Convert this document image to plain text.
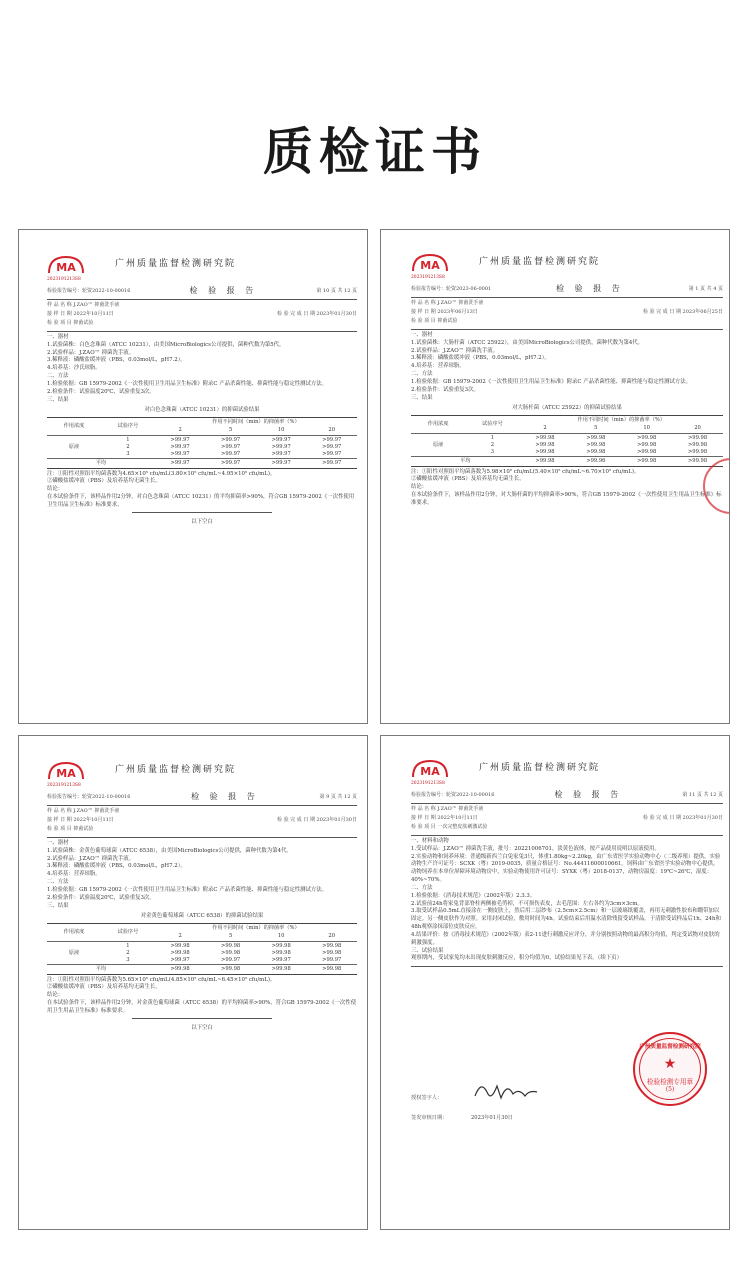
质检证书
MA	广州质量监督检测研究院
2023191213S8
检验报告编号：轮资2022-10-00016	检 验 报 告	第 10 页 共 12 页
样 品 名 称 J.ZAO™ 抑菌洗手液
接 样 日 期 2022年10月11日	检 验 完 成 日 期 2023年01月30日
检 验 项 目 抑菌试验

一、器材

1.试验菌株：白色念珠菌（ATCC 10231），由美国MicroBiologics公司提供，菌种代数为第5代。

2.试验样品：J.ZAO™ 抑菌洗手液。

3.稀释液：磷酸盐缓冲液（PBS，0.03mol/L，pH7.2）。

4.培养基：沙氏琼脂。

二、方法

1.检验依据：GB 15979-2002《一次性使用卫生用品卫生标准》附录C 产品杀菌性能、抑菌性能与稳定性测试方法。

2.检验条件：试验温度20℃，试验重复3次。

三、结果

对白色念珠菌（ATCC 10231）的抑菌试验结果
作用浓度	试验序号	作用不同时间（min）的抑菌率（%）			
		2	5	10	20
原液	1	>99.97	>99.97	>99.97	>99.97
	2	>99.97	>99.97	>99.97	>99.97
	3	>99.97	>99.97	>99.97	>99.97
平均		>99.97	>99.97	>99.97	>99.97

注：①阳性对照组平均菌落数为4.65×10⁵ cfu/mL(3.80×10⁵ cfu/mL~4.95×10⁵ cfu/mL)。

②磷酸盐缓冲液（PBS）及培养基均无菌生长。

结论：

在本试验条件下，该样品作用2分钟，对白色念珠菌（ATCC 10231）的平均抑菌率>90%，符合GB 15979-2002《一次性使用卫生用品卫生标准》标准要求。

以下空白
MA	广州质量监督检测研究院
2023191213S8
检验报告编号：轮资2023-06-0001	检 验 报 告	第 1 页 共 4 页
样 品 名 称 J.ZAO™ 抑菌洗手液
接 样 日 期 2023年06月13日	检 验 完 成 日 期 2023年06月25日
检 验 项 目 抑菌试验

一、器材

1.试验菌株：大肠杆菌（ATCC 25922），由美国MicroBiologics公司提供，菌种代数为第4代。

2.试验样品：J.ZAO™ 抑菌洗手液。

3.稀释液：磷酸盐缓冲液（PBS，0.03mol/L，pH7.2）。

4.培养基：营养琼脂。

二、方法

1.检验依据：GB 15979-2002《一次性使用卫生用品卫生标准》附录C 产品杀菌性能、抑菌性能与稳定性测试方法。

2.检验条件：试验重复3次。

三、结果

对大肠杆菌（ATCC 25922）的抑菌试验结果
作用浓度	试验序号	作用不同时间（min）的抑菌率（%）			
		2	5	10	20
原液	1	>99.98	>99.98	>99.98	>99.98
	2	>99.98	>99.98	>99.98	>99.98
	3	>99.98	>99.98	>99.98	>99.98
平均		>99.98	>99.96	>99.98	>99.98

注：①阳性对照组平均菌落数为5.98×10⁵ cfu/mL(5.40×10⁵ cfu/mL~6.70×10⁵ cfu/mL)。

②磷酸盐缓冲液（PBS）及培养基均无菌生长。

结论：

在本试验条件下，该样品作用2分钟，对大肠杆菌的平均抑菌率>90%，符合GB 15979-2002《一次性使用卫生用品卫生标准》标准要求。

MA	广州质量监督检测研究院
2023191213S8
检验报告编号：轮资2022-10-00016	检 验 报 告	第 9 页 共 12 页
样 品 名 称 J.ZAO™ 抑菌洗手液
接 样 日 期 2022年10月11日	检 验 完 成 日 期 2023年01月30日
检 验 项 目 抑菌试验

一、器材

1.试验菌株：金黄色葡萄球菌（ATCC 6538），由美国MicroBiologics公司提供，菌种代数为第4代。

2.试验样品：J.ZAO™ 抑菌洗手液。

3.稀释液：磷酸盐缓冲液（PBS，0.03mol/L，pH7.2）。

4.培养基：营养琼脂。

二、方法

1.检验依据：GB 15979-2002《一次性使用卫生用品卫生标准》附录C 产品杀菌性能、抑菌性能与稳定性测试方法。

2.检验条件：试验温度20℃，试验重复3次。

三、结果

对金黄色葡萄球菌（ATCC 6538）的抑菌试验结果
作用浓度	试验序号	作用不同时间（min）的抑菌率（%）			
		2	5	10	20
原液	1	>99.98	>99.98	>99.98	>99.98
	2	>99.98	>99.98	>99.98	>99.98
	3	>99.97	>99.97	>99.97	>99.97
平均		>99.98	>99.98	>99.98	>99.98

注：①阳性对照组平均菌落数为5.65×10⁵ cfu/mL(4.85×10⁵ cfu/mL~6.45×10⁵ cfu/mL)。

②磷酸盐缓冲液（PBS）及培养基均无菌生长。

结论：

在本试验条件下，该样品作用2分钟，对金黄色葡萄球菌（ATCC 6538）的平均抑菌率>90%，符合GB 15979-2002《一次性使用卫生用品卫生标准》标准要求。

以下空白
MA	广州质量监督检测研究院
2023191213S8
检验报告编号：轮资2022-10-00016	检 验 报 告	第 11 页 共 12 页
样 品 名 称 J.ZAO™ 抑菌洗手液
接 样 日 期 2022年10月11日	检 验 完 成 日 期 2023年01月30日
检 验 项 目 一次完整皮肤刺激试验

一、材料和动物

1.受试样品：J.ZAO™ 抑菌洗手液，批号：20221006701，淡黄色液体，按产品使用说明以原液使用。

2.实验动物和饲养环境：普通级新西兰白兔家兔3只，体重1.80kg~2.20kg，由广东省医学实验动物中心（二级养殖）提供，实验动物生产许可证号：SCXK（粤）2019-0035，质量合格证号：No.44411600010661。饲料由广东省医学实验动物中心提供，动物饲养在本单位屏障环境动物房中，实验动物使用许可证号：SYXK（粤）2018-0137，动物房温度：19℃~26℃，湿度：40%~70%。

二、方法

1.检验依据：《消毒技术规范》（2002年版）2.3.3。

2.试验前24h将家兔背部脊柱两侧被毛剪掉，不可损伤表皮，去毛范围：左右各约为3cm×3cm。

3.取受试样品0.5mL直接涂在一侧皮肤上，然后用二层纱布（2.5cm×2.5cm）和一层玻璃纸覆盖，再用无刺激性胶布和绷带加以固定。另一侧皮肤作为对照。采用封闭试验，敷用时间为4h。试验结束后用温水清除残留受试样品。于清除受试样品后1h、24h和48h观察涂抹部位皮肤反应。

4.结果评价：按《消毒技术规范》（2002年版）表2-11进行刺激反应评分，并分别按照动物的最高积分均值，判定受试物对皮肤的刺激强度。

三、试验结果

观察期内，受试家兔均未出现皮肤刺激反应，积分均值为0，试验结果见下表。（续下页）

授权签字人：
签发审核日期：	2023年01月30日
广州质量监督检测研究院
★
检验检测专用章
(5)
